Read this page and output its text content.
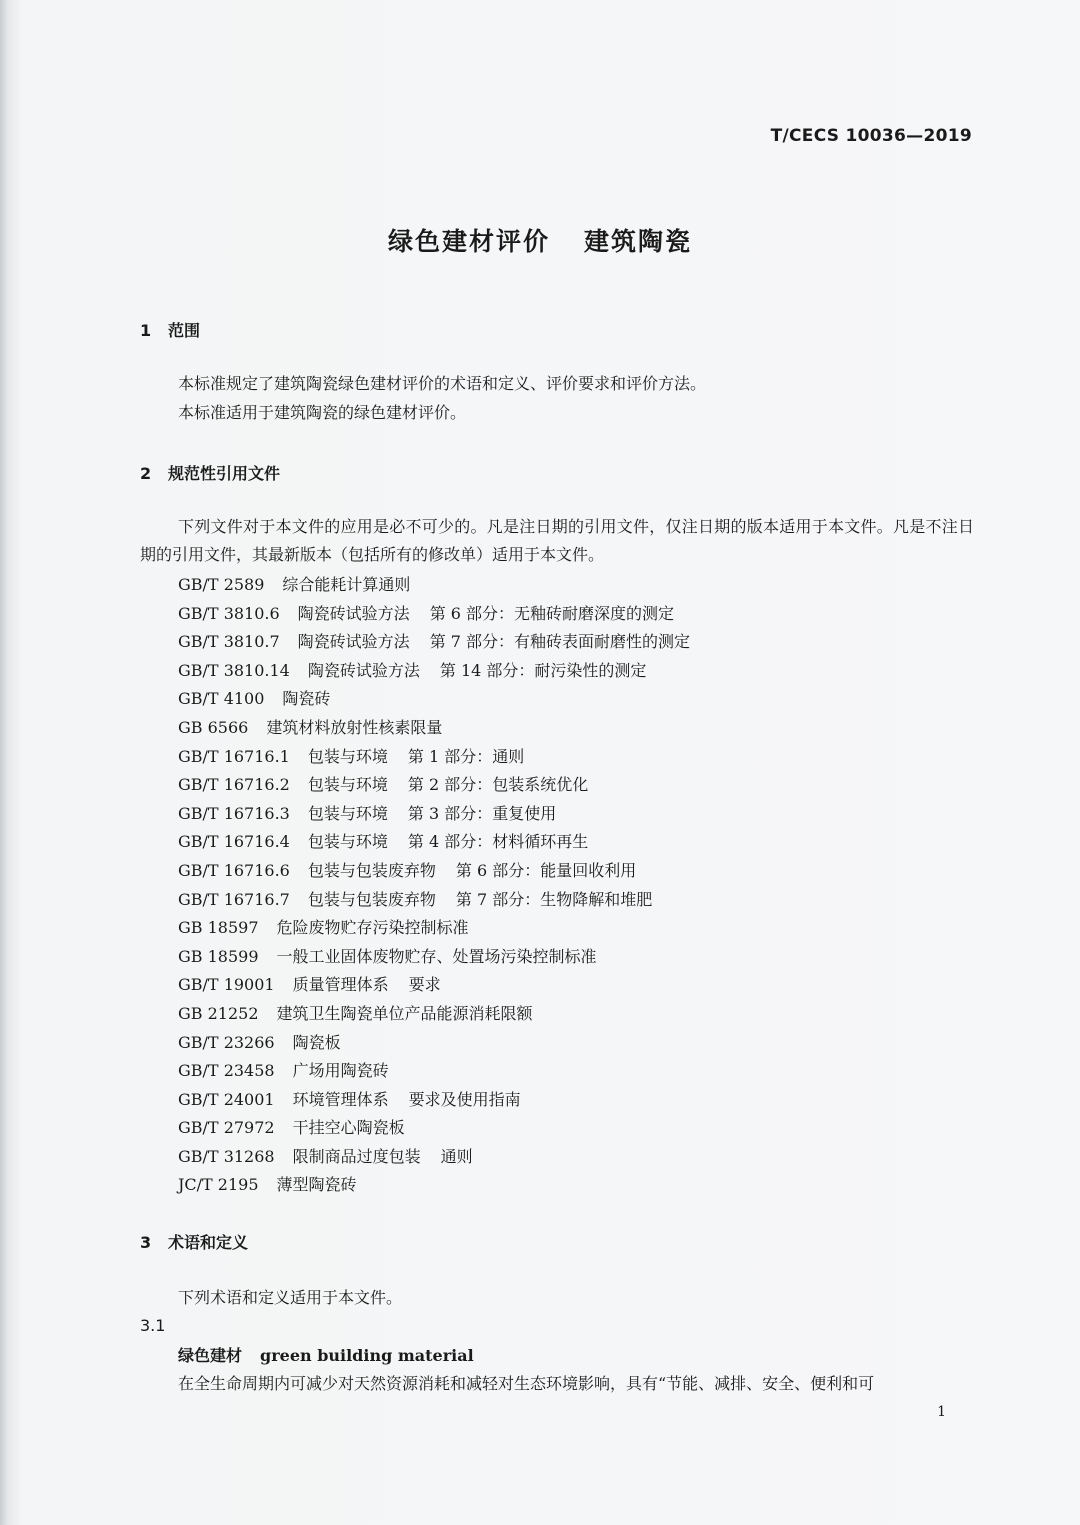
T/CECS 10036—2019
绿色建材评价 建筑陶瓷
1 范围
本标准规定了建筑陶瓷绿色建材评价的术语和定义、评价要求和评价方法。
本标准适用于建筑陶瓷的绿色建材评价。
2 规范性引用文件
下列文件对于本文件的应用是必不可少的。凡是注日期的引用文件，仅注日期的版本适用于本文件。凡是不注日期的引用文件，其最新版本（包括所有的修改单）适用于本文件。
GB/T 2589 综合能耗计算通则
GB/T 3810.6 陶瓷砖试验方法 第 6 部分：无釉砖耐磨深度的测定
GB/T 3810.7 陶瓷砖试验方法 第 7 部分：有釉砖表面耐磨性的测定
GB/T 3810.14 陶瓷砖试验方法 第 14 部分：耐污染性的测定
GB/T 4100 陶瓷砖
GB 6566 建筑材料放射性核素限量
GB/T 16716.1 包装与环境 第 1 部分：通则
GB/T 16716.2 包装与环境 第 2 部分：包装系统优化
GB/T 16716.3 包装与环境 第 3 部分：重复使用
GB/T 16716.4 包装与环境 第 4 部分：材料循环再生
GB/T 16716.6 包装与包装废弃物 第 6 部分：能量回收利用
GB/T 16716.7 包装与包装废弃物 第 7 部分：生物降解和堆肥
GB 18597 危险废物贮存污染控制标准
GB 18599 一般工业固体废物贮存、处置场污染控制标准
GB/T 19001 质量管理体系 要求
GB 21252 建筑卫生陶瓷单位产品能源消耗限额
GB/T 23266 陶瓷板
GB/T 23458 广场用陶瓷砖
GB/T 24001 环境管理体系 要求及使用指南
GB/T 27972 干挂空心陶瓷板
GB/T 31268 限制商品过度包装 通则
JC/T 2195 薄型陶瓷砖
3 术语和定义
下列术语和定义适用于本文件。
3.1
绿色建材 green building material
在全生命周期内可减少对天然资源消耗和减轻对生态环境影响，具有“节能、减排、安全、便利和可
1
